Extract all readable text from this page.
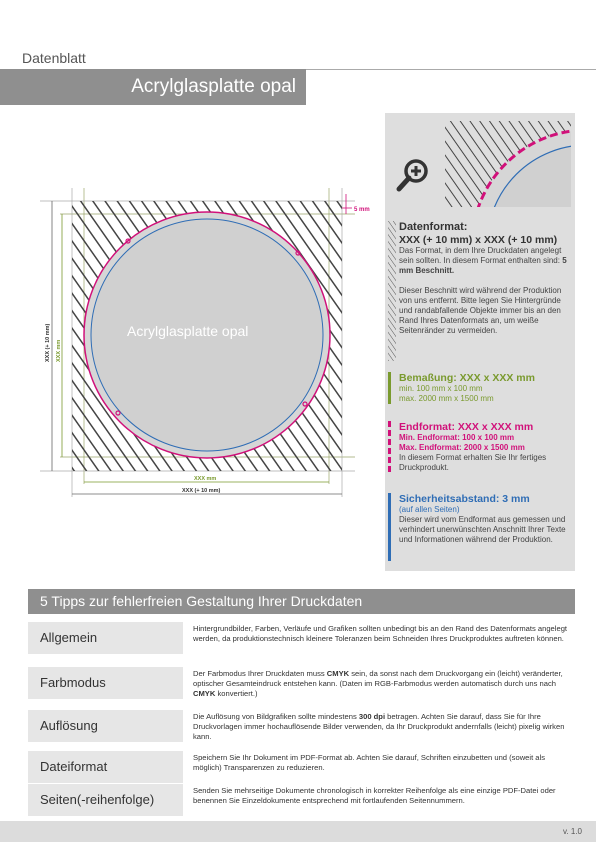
Datenblatt
Acrylglasplatte opal
Acrylglasplatte opal
5 mm
XXX mm
XXX (+ 10 mm)
XXX mm
XXX (+ 10 mm)
Datenformat:
XXX (+ 10 mm) x XXX (+ 10 mm)
Das Format, in dem Ihre Druckdaten angelegt sein sollten. In diesem Format enthalten sind: 5 mm Beschnitt.
Dieser Beschnitt wird während der Produktion von uns entfernt. Bitte legen Sie Hintergründe und randabfallende Objekte immer bis an den Rand Ihres Datenformats an, um weiße Seitenränder zu vermeiden.
Bemaßung: XXX x XXX mm
min. 100 mm x 100 mm
max. 2000 mm x 1500 mm
Endformat: XXX x XXX mm
Min. Endformat: 100 x 100 mm
Max. Endformat: 2000 x 1500 mm
In diesem Format erhalten Sie Ihr fertiges Druckprodukt.
Sicherheitsabstand: 3 mm
(auf allen Seiten)
Dieser wird vom Endformat aus gemessen und verhindert unerwünschten Anschnitt Ihrer Texte und Informationen während der Produktion.
5 Tipps zur fehlerfreien Gestaltung Ihrer Druckdaten
Allgemein
Hintergrundbilder, Farben, Verläufe und Grafiken sollten unbedingt bis an den Rand des Datenformats angelegt werden, da produktionstechnisch kleinere Toleranzen beim Schneiden Ihres Druckproduktes auftreten können.
Farbmodus
Der Farbmodus Ihrer Druckdaten muss CMYK sein, da sonst nach dem Druckvorgang ein (leicht) veränderter, optischer Gesamteindruck entstehen kann. (Daten im RGB-Farbmodus werden automatisch durch uns nach CMYK konvertiert.)
Auflösung
Die Auflösung von Bildgrafiken sollte mindestens 300 dpi betragen. Achten Sie darauf, dass Sie für Ihre Druckvorlagen immer hochauflösende Bilder verwenden, da Ihr Druckprodukt andernfalls (leicht) pixelig wirken kann.
Dateiformat
Speichern Sie Ihr Dokument im PDF-Format ab. Achten Sie darauf, Schriften einzubetten und (soweit als möglich) Transparenzen zu reduzieren.
Seiten(-reihenfolge)
Senden Sie mehrseitige Dokumente chronologisch in korrekter Reihenfolge als eine einzige PDF-Datei oder benennen Sie Einzeldokumente entsprechend mit fortlaufenden Seitennummern.
v. 1.0
